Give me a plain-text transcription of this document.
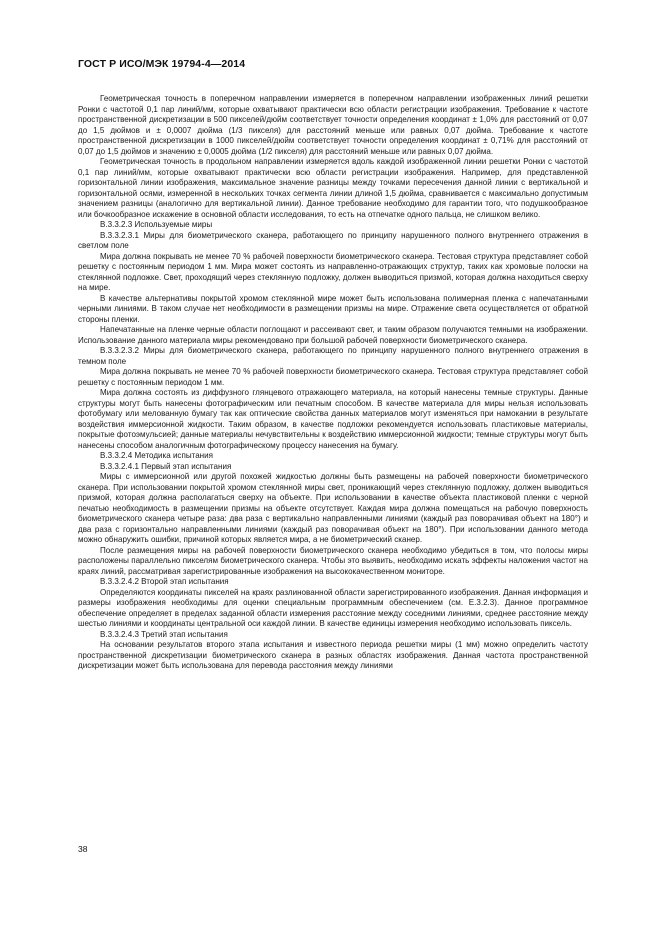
ГОСТ Р ИСО/МЭК 19794-4—2014

Геометрическая точность в поперечном направлении измеряется в поперечном направлении изображенных линий решетки Ронки с частотой 0,1 пар линий/мм, которые охватывают практически всю области регистрации изображения. Требование к частоте пространственной дискретизации в 500 пикселей/дюйм соответствует точности определения координат ± 1,0% для расстояний от 0,07 до 1,5 дюймов и ± 0,0007 дюйма (1/3 пикселя) для расстояний меньше или равных 0,07 дюйма. Требование к частоте пространственной дискретизации в 1000 пикселей/дюйм соответствует точности определения координат ± 0,71% для расстояний от 0,07 до 1,5 дюймов и значению ± 0,0005 дюйма (1/2 пикселя) для расстояний меньше или равных 0,07 дюйма.

Геометрическая точность в продольном направлении измеряется вдоль каждой изображенной линии решетки Ронки с частотой 0,1 пар линий/мм, которые охватывают практически всю области регистрации изображения. Например, для представленной горизонтальной линии изображения, максимальное значение разницы между точками пересечения данной линии с вертикальной и горизонтальной осями, измеренной в нескольких точках сегмента линии длиной 1,5 дюйма, сравнивается с максимально допустимым значением разницы (аналогично для вертикальной линии). Данное требование необходимо для гарантии того, что подушкообразное или бочкообразное искажение в основной области исследования, то есть на отпечатке одного пальца, не слишком велико.

В.3.3.2.3 Используемые миры

В.3.3.2.3.1 Миры для биометрического сканера, работающего по принципу нарушенного полного внутреннего отражения в светлом поле

Мира должна покрывать не менее 70 % рабочей поверхности биометрического сканера. Тестовая структура представляет собой решетку с постоянным периодом 1 мм. Мира может состоять из направленно-отражающих структур, таких как хромовые полоски на стеклянной подложке. Свет, проходящий через стеклянную подложку, должен выводиться призмой, которая должна находиться сверху на мире.

В качестве альтернативы покрытой хромом стеклянной мире может быть использована полимерная пленка с напечатанными черными линиями. В таком случае нет необходимости в размещении призмы на мире. Отражение света осуществляется от обратной стороны пленки.

Напечатанные на пленке черные области поглощают и рассеивают свет, и таким образом получаются темными на изображении. Использование данного материала миры рекомендовано при большой рабочей поверхности биометрического сканера.

В.3.3.2.3.2 Миры для биометрического сканера, работающего по принципу нарушенного полного внутреннего отражения в темном поле

Мира должна покрывать не менее 70 % рабочей поверхности биометрического сканера. Тестовая структура представляет собой решетку с постоянным периодом 1 мм.

Мира должна состоять из диффузного глянцевого отражающего материала, на который нанесены темные структуры. Данные структуры могут быть нанесены фотографическим или печатным способом. В качестве материала для миры нельзя использовать фотобумагу или мелованную бумагу так как оптические свойства данных материалов могут изменяться при намокании в результате воздействия иммерсионной жидкости. Таким образом, в качестве подложки рекомендуется использовать пластиковые материалы, покрытые фотоэмульсией; данные материалы нечувствительны к воздействию иммерсионной жидкости; темные структуры могут быть нанесены способом аналогичным фотографическому процессу нанесения на бумагу.

В.3.3.2.4 Методика испытания

В.3.3.2.4.1 Первый этап испытания

Миры с иммерсионной или другой похожей жидкостью должны быть размещены на рабочей поверхности биометрического сканера. При использовании покрытой хромом стеклянной миры свет, проникающий через стеклянную подложку, должен выводиться призмой, которая должна располагаться сверху на объекте. При использовании в качестве объекта пластиковой пленки с черной печатью необходимость в размещении призмы на объекте отсутствует. Каждая мира должна помещаться на рабочую поверхность биометрического сканера четыре раза: два раза с вертикально направленными линиями (каждый раз поворачивая объект на 180°) и два раза с горизонтально направленными линиями (каждый раз поворачивая объект на 180°). При использовании данного метода можно обнаружить ошибки, причиной которых является мира, а не биометрический сканер.

После размещения миры на рабочей поверхности биометрического сканера необходимо убедиться в том, что полосы миры расположены параллельно пикселям биометрического сканера. Чтобы это выявить, необходимо искать эффекты наложения частот на краях линий, рассматривая зарегистрированные изображения на высококачественном мониторе.

В.3.3.2.4.2 Второй этап испытания

Определяются координаты пикселей на краях разлинованной области зарегистрированного изображения. Данная информация и размеры изображения необходимы для оценки специальным программным обеспечением (см. Е.3.2.3). Данное программное обеспечение определяет в пределах заданной области измерения расстояние между соседними линиями, среднее расстояние между шестью линиями и координаты центральной оси каждой линии. В качестве единицы измерения необходимо использовать пиксель.

В.3.3.2.4.3 Третий этап испытания

На основании результатов второго этапа испытания и известного периода решетки миры (1 мм) можно определить частоту пространственной дискретизации биометрического сканера в разных областях изображения. Данная частота пространственной дискретизации может быть использована для перевода расстояния между линиями

38
